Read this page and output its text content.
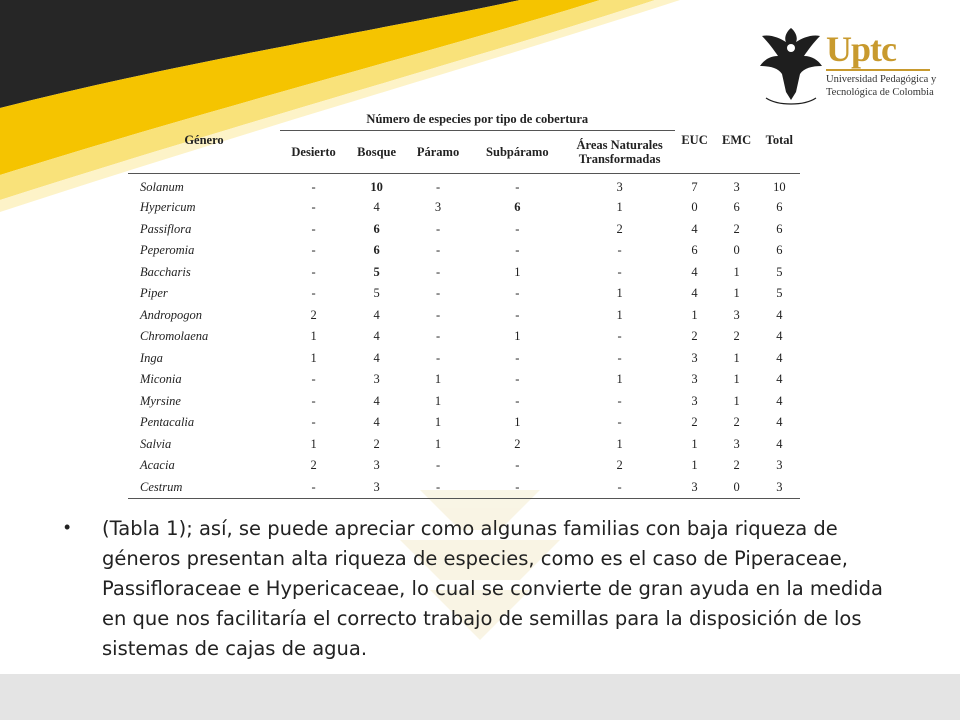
Uptc
Universidad Pedagógica y
Tecnológica de Colombia
Género	Número de especies por tipo de cobertura					EUC	EMC	Total
	Desierto	Bosque	Páramo	Subpáramo	Áreas Naturales Transformadas			
Solanum	-	10	-	-	3	7	3	10
Hypericum	-	4	3	6	1	0	6	6
Passiflora	-	6	-	-	2	4	2	6
Peperomia	-	6	-	-	-	6	0	6
Baccharis	-	5	-	1	-	4	1	5
Piper	-	5	-	-	1	4	1	5
Andropogon	2	4	-	-	1	1	3	4
Chromolaena	1	4	-	1	-	2	2	4
Inga	1	4	-	-	-	3	1	4
Miconia	-	3	1	-	1	3	1	4
Myrsine	-	4	1	-	-	3	1	4
Pentacalia	-	4	1	1	-	2	2	4
Salvia	1	2	1	2	1	1	3	4
Acacia	2	3	-	-	2	1	2	3
Cestrum	-	3	-	-	-	3	0	3
• (Tabla 1); así, se puede apreciar como algunas familias con baja riqueza de géneros presentan alta riqueza de especies, como es el caso de Piperaceae, Passifloraceae e Hypericaceae, lo cual se convierte de gran ayuda en la medida en que nos facilitaría el correcto trabajo de semillas para la disposición de los sistemas de cajas de agua.
